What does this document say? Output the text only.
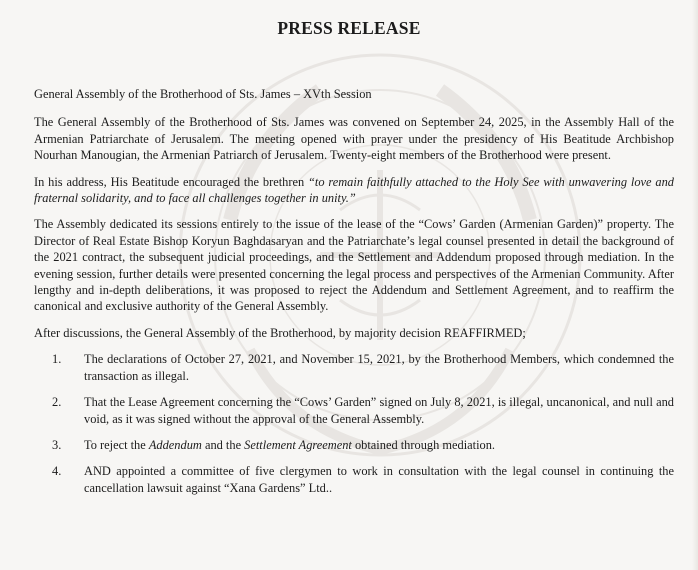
PRESS RELEASE

General Assembly of the Brotherhood of Sts. James – XVth Session

The General Assembly of the Brotherhood of Sts. James was convened on September 24, 2025, in the Assembly Hall of the Armenian Patriarchate of Jerusalem. The meeting opened with prayer under the presidency of His Beatitude Archbishop Nourhan Manougian, the Armenian Patriarch of Jerusalem. Twenty-eight members of the Brotherhood were present.

In his address, His Beatitude encouraged the brethren “to remain faithfully attached to the Holy See with unwavering love and fraternal solidarity, and to face all challenges together in unity.”

The Assembly dedicated its sessions entirely to the issue of the lease of the “Cows’ Garden (Armenian Garden)” property. The Director of Real Estate Bishop Koryun Baghdasaryan and the Patriarchate’s legal counsel presented in detail the background of the 2021 contract, the subsequent judicial proceedings, and the Settlement and Addendum proposed through mediation. In the evening session, further details were presented concerning the legal process and perspectives of the Armenian Community. After lengthy and in-depth deliberations, it was proposed to reject the Addendum and Settlement Agreement, and to reaffirm the canonical and exclusive authority of the General Assembly.

After discussions, the General Assembly of the Brotherhood, by majority decision REAFFIRMED;

1. The declarations of October 27, 2021, and November 15, 2021, by the Brotherhood Members, which condemned the transaction as illegal.
2. That the Lease Agreement concerning the “Cows’ Garden” signed on July 8, 2021, is illegal, uncanonical, and null and void, as it was signed without the approval of the General Assembly.
3. To reject the Addendum and the Settlement Agreement obtained through mediation.
4. AND appointed a committee of five clergymen to work in consultation with the legal counsel in continuing the cancellation lawsuit against “Xana Gardens” Ltd..
